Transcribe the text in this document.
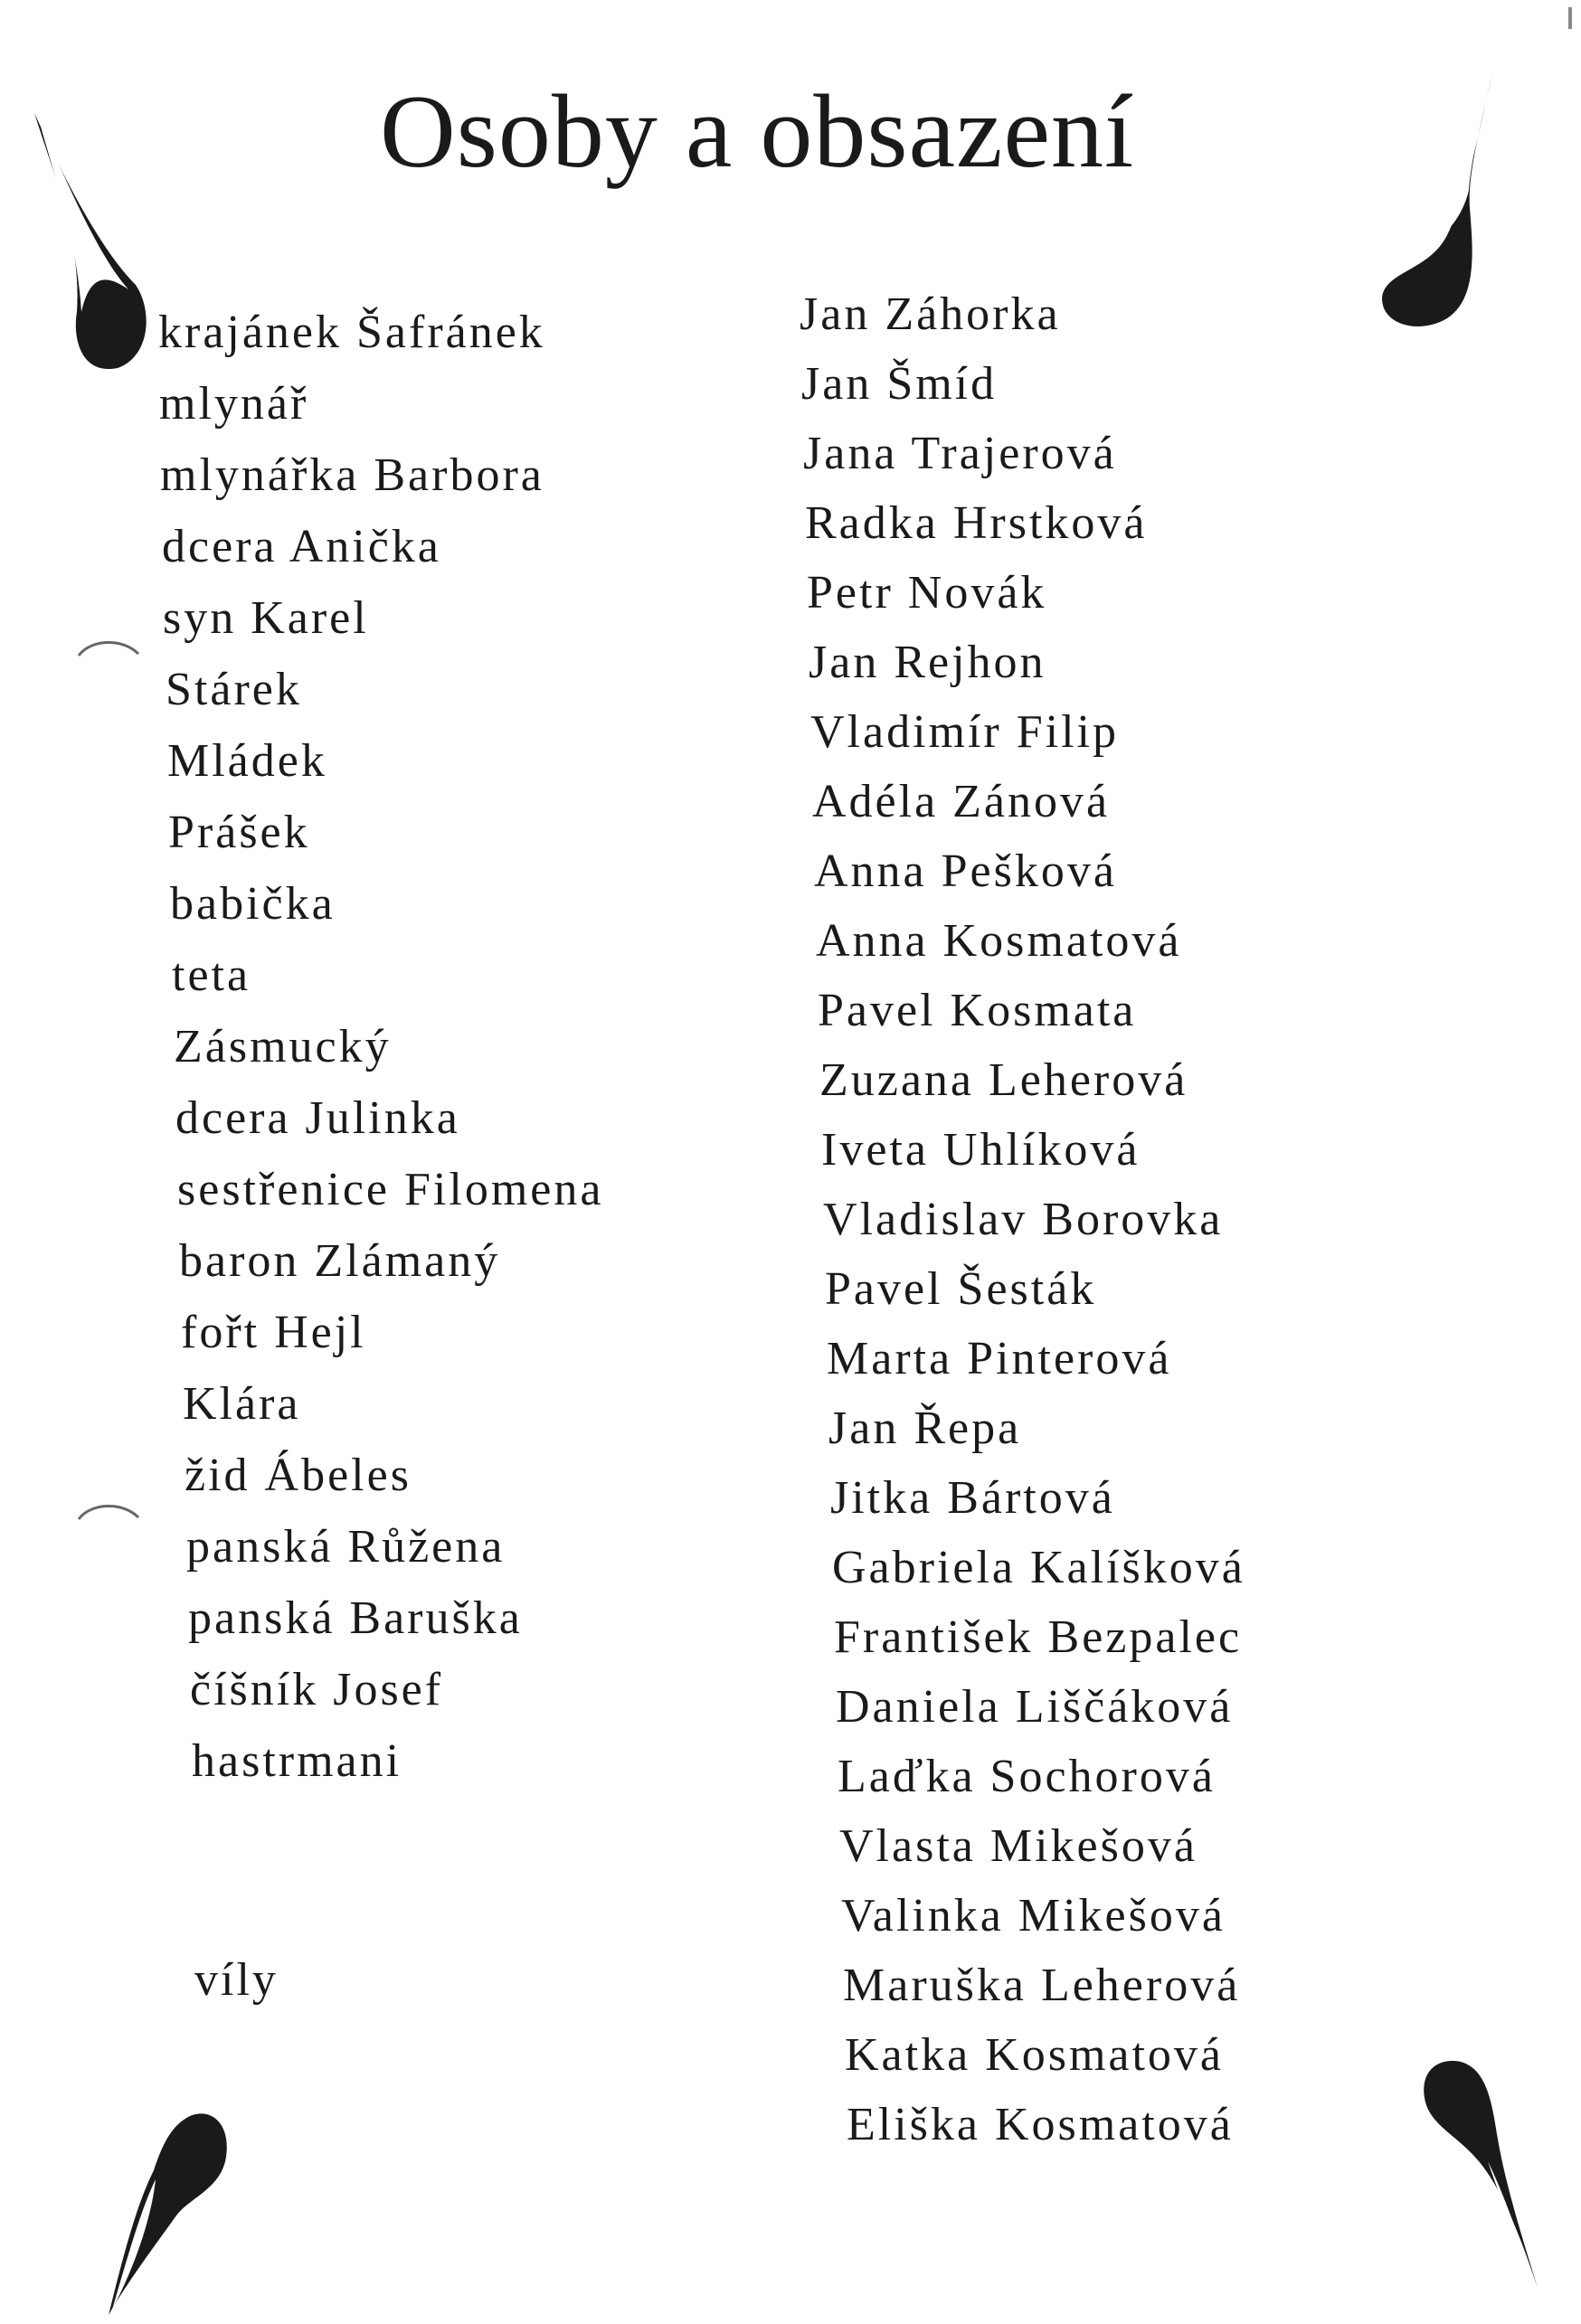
Osoby a obsazení
krajánek Šafránek
mlynář
mlynářka Barbora
dcera Anička
syn Karel
Stárek
Mládek
Prášek
babička
teta
Zásmucký
dcera Julinka
sestřenice Filomena
baron Zlámaný
fořt Hejl
Klára
žid Ábeles
panská Růžena
panská Baruška
číšník Josef
hastrmani
víly
Jan Záhorka
Jan Šmíd
Jana Trajerová
Radka Hrstková
Petr Novák
Jan Rejhon
Vladimír Filip
Adéla Zánová
Anna Pešková
Anna Kosmatová
Pavel Kosmata
Zuzana Leherová
Iveta Uhlíková
Vladislav Borovka
Pavel Šesták
Marta Pinterová
Jan Řepa
Jitka Bártová
Gabriela Kalíšková
František Bezpalec
Daniela Liščáková
Laďka Sochorová
Vlasta Mikešová
Valinka Mikešová
Maruška Leherová
Katka Kosmatová
Eliška Kosmatová
